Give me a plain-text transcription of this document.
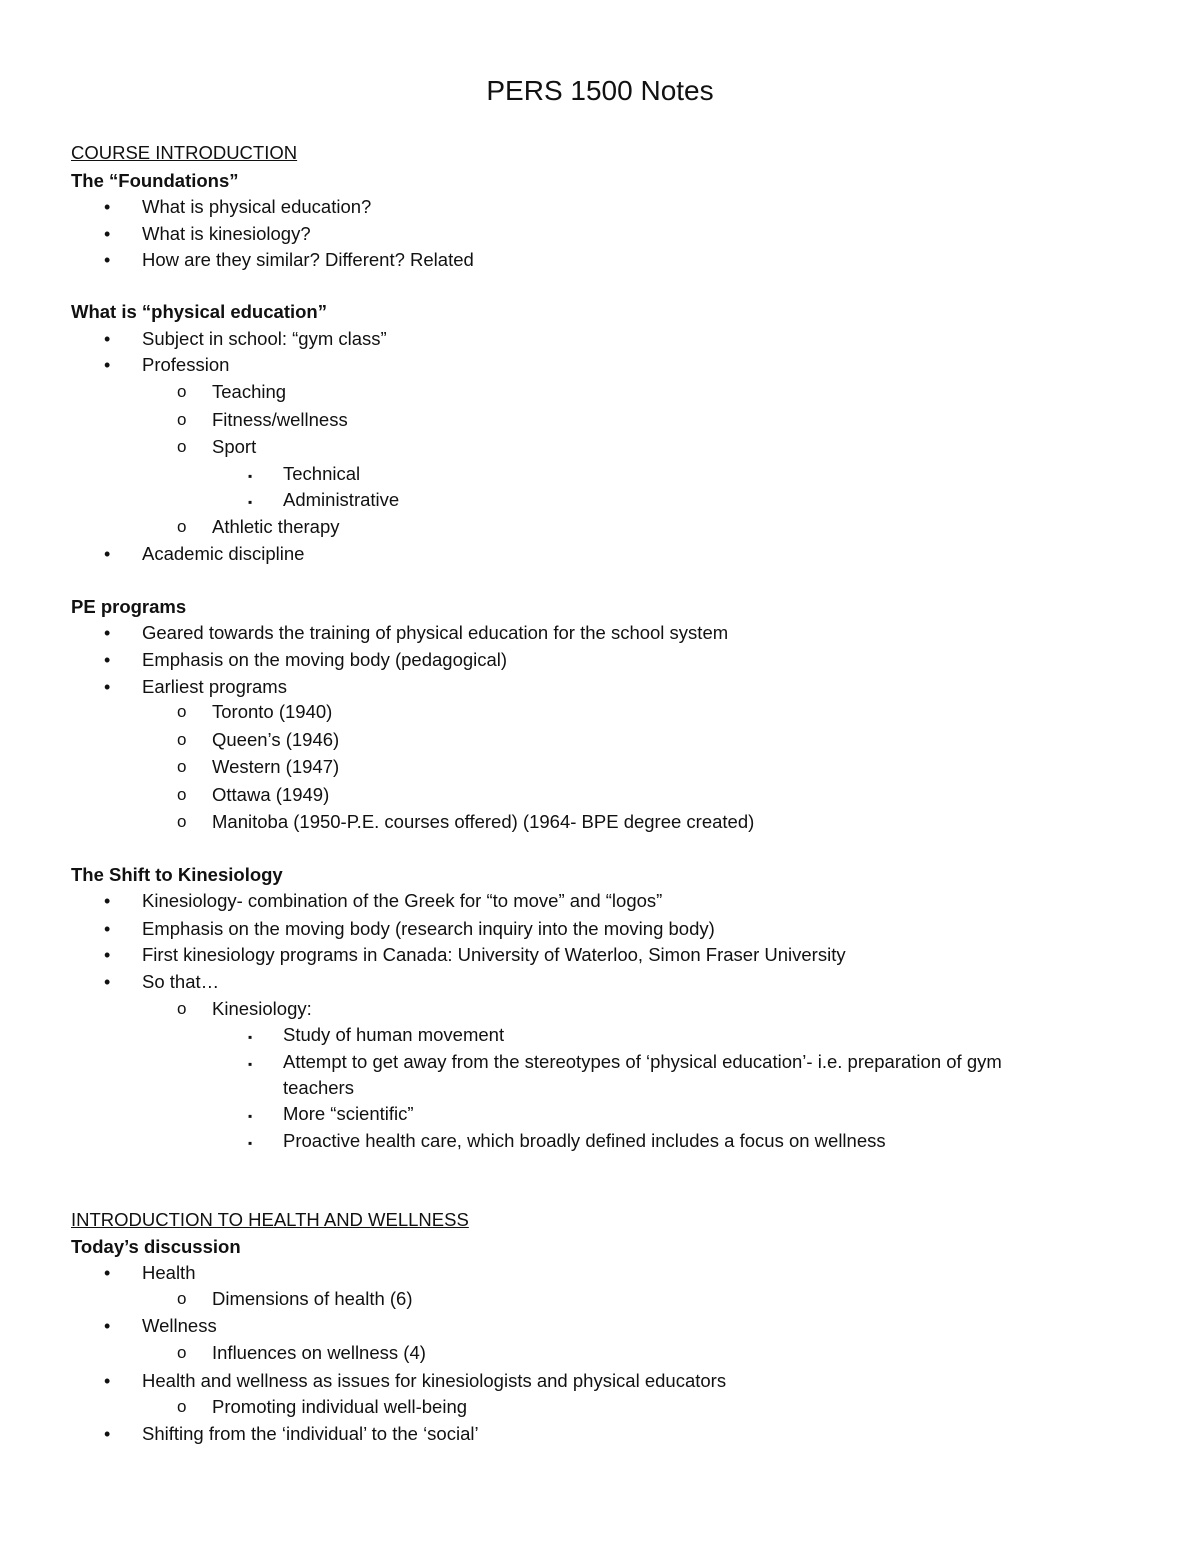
PERS 1500 Notes
COURSE INTRODUCTION
The “Foundations”
• What is physical education?
• What is kinesiology?
• How are they similar? Different? Related
What is “physical education”
• Subject in school: “gym class”
• Profession
o Teaching
o Fitness/wellness
o Sport
▪ Technical
▪ Administrative
o Athletic therapy
• Academic discipline
PE programs
• Geared towards the training of physical education for the school system
• Emphasis on the moving body (pedagogical)
• Earliest programs
o Toronto (1940)
o Queen’s (1946)
o Western (1947)
o Ottawa (1949)
o Manitoba (1950-P.E. courses offered) (1964- BPE degree created)
The Shift to Kinesiology
• Kinesiology- combination of the Greek for “to move” and “logos”
• Emphasis on the moving body (research inquiry into the moving body)
• First kinesiology programs in Canada: University of Waterloo, Simon Fraser University
• So that…
o Kinesiology:
▪ Study of human movement
▪ Attempt to get away from the stereotypes of ‘physical education’- i.e. preparation of gym
teachers
▪ More “scientific”
▪ Proactive health care, which broadly defined includes a focus on wellness
INTRODUCTION TO HEALTH AND WELLNESS
Today’s discussion
• Health
o Dimensions of health (6)
• Wellness
o Influences on wellness (4)
• Health and wellness as issues for kinesiologists and physical educators
o Promoting individual well-being
• Shifting from the ‘individual’ to the ‘social’
